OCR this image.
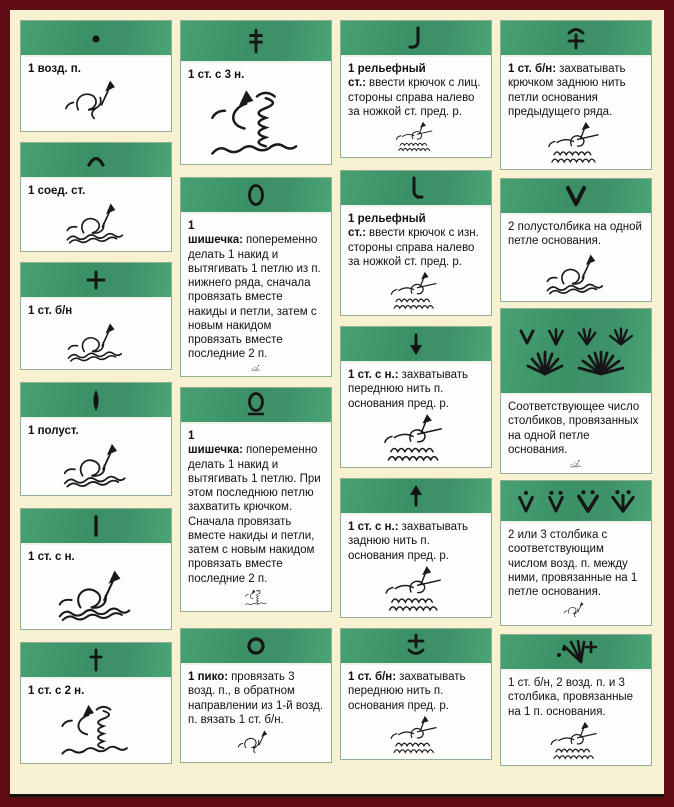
1 возд. п.
1 соед. ст.
1 ст. б/н
1 полуст.
1 ст. с н.
1 ст. с 2 н.
1 ст. с 3 н.
1 шишечка: попеременно делать 1 накид и вытягивать 1 петлю из п. нижнего ряда, сначала провязать вместе накиды и петли, затем с новым накидом провязать вместе последние 2 п.
1 шишечка: попеременно делать 1 накид и вытягивать 1 петлю. При этом последнюю петлю захватить крючком. Сначала провязать вместе накиды и петли, затем с новым накидом провязать вместе последние 2 п.
1 пико: провязать 3 возд. п., в обратном направлении из 1-й возд. п. вязать 1 ст. б/н.
1 рельефный ст.: ввести крючок с лиц. стороны справа налево за ножкой ст. пред. р.
1 рельефный ст.: ввести крючок с изн. стороны справа налево за ножкой ст. пред. р.
1 ст. с н.: захватывать переднюю нить п. основания пред. р.
1 ст. с н.: захватывать заднюю нить п. основания пред. р.
1 ст. б/н: захватывать переднюю нить п. основания пред. р.
1 ст. б/н: захватывать крючком заднюю нить петли основания предыдущего ряда.
2 полустолбика на одной петле основания.
Соответствующее число столбиков, провязанных на одной петле основания.
2 или 3 столбика с соответствующим числом возд. п. между ними, провязанные на 1 петле основания.
1 ст. б/н, 2 возд. п. и 3 столбика, провязанные на 1 п. основания.
